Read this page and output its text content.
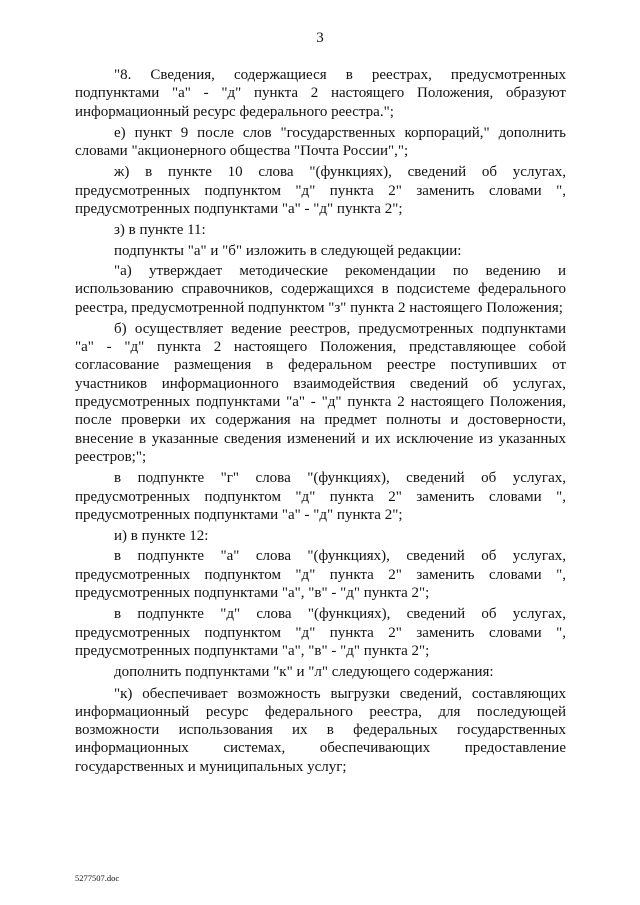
3

"8. Сведения, содержащиеся в реестрах, предусмотренных подпунктами "а" - "д" пункта 2 настоящего Положения, образуют информационный ресурс федерального реестра.";

е) пункт 9 после слов "государственных корпораций," дополнить словами "акционерного общества "Почта России",";

ж) в пункте 10 слова "(функциях), сведений об услугах, предусмотренных подпунктом "д" пункта 2" заменить словами ", предусмотренных подпунктами "а" - "д" пункта 2";

з) в пункте 11:

подпункты "а" и "б" изложить в следующей редакции:

"а) утверждает методические рекомендации по ведению и использованию справочников, содержащихся в подсистеме федерального реестра, предусмотренной подпунктом "з" пункта 2 настоящего Положения;

б) осуществляет ведение реестров, предусмотренных подпунктами "а" - "д" пункта 2 настоящего Положения, представляющее собой согласование размещения в федеральном реестре поступивших от участников информационного взаимодействия сведений об услугах, предусмотренных подпунктами "а" - "д" пункта 2 настоящего Положения, после проверки их содержания на предмет полноты и достоверности, внесение в указанные сведения изменений и их исключение из указанных реестров;";

в подпункте "г" слова "(функциях), сведений об услугах, предусмотренных подпунктом "д" пункта 2" заменить словами ", предусмотренных подпунктами "а" - "д" пункта 2";

и) в пункте 12:

в подпункте "а" слова "(функциях), сведений об услугах, предусмотренных подпунктом "д" пункта 2" заменить словами ", предусмотренных подпунктами "а", "в" - "д" пункта 2";

в подпункте "д" слова "(функциях), сведений об услугах, предусмотренных подпунктом "д" пункта 2" заменить словами ", предусмотренных подпунктами "а", "в" - "д" пункта 2";

дополнить подпунктами "к" и "л" следующего содержания:

"к) обеспечивает возможность выгрузки сведений, составляющих информационный ресурс федерального реестра, для последующей возможности использования их в федеральных государственных информационных системах, обеспечивающих предоставление государственных и муниципальных услуг;

5277507.doc
